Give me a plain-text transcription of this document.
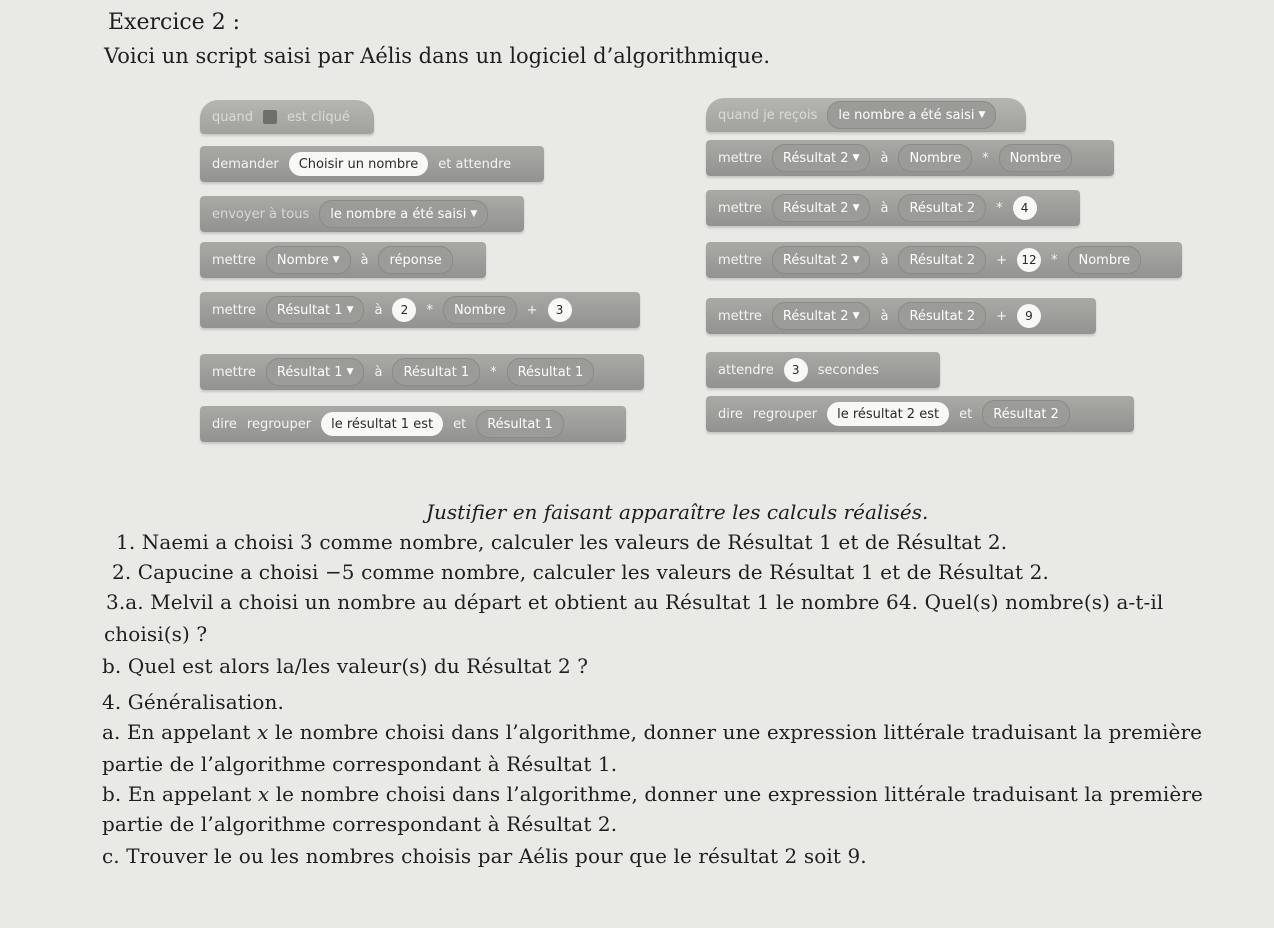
Exercice 2 :
Voici un script saisi par Aélis dans un logiciel d’algorithmique.
quand	est cliqué
demander	Choisir un nombre	et attendre
envoyer à tous le nombre a été saisi ▼
mettre Nombre ▼ à	réponse
mettre Résultat 1 ▼ à	2	*	Nombre	+	3
mettre Résultat 1 ▼ à	Résultat 1	*	Résultat 1
dire regrouper	le résultat 1 est	et	Résultat 1
quand je reçois le nombre a été saisi ▼
mettre Résultat 2 ▼ à	Nombre	*	Nombre
mettre Résultat 2 ▼ à	Résultat 2	*	4
mettre Résultat 2 ▼ à	Résultat 2	+	12	*	Nombre
mettre Résultat 2 ▼ à	Résultat 2	+	9
attendre	3	secondes
dire regrouper	le résultat 2 est	et	Résultat 2
Justifier en faisant apparaître les calculs réalisés.
1. Naemi a choisi 3 comme nombre, calculer les valeurs de Résultat 1 et de Résultat 2.
2. Capucine a choisi −5 comme nombre, calculer les valeurs de Résultat 1 et de Résultat 2.
3.a. Melvil a choisi un nombre au départ et obtient au Résultat 1 le nombre 64. Quel(s) nombre(s) a-t-il
choisi(s) ?
b. Quel est alors la/les valeur(s) du Résultat 2 ?
4. Généralisation.
a. En appelant x le nombre choisi dans l’algorithme, donner une expression littérale traduisant la première
partie de l’algorithme correspondant à Résultat 1.
b. En appelant x le nombre choisi dans l’algorithme, donner une expression littérale traduisant la première
partie de l’algorithme correspondant à Résultat 2.
c. Trouver le ou les nombres choisis par Aélis pour que le résultat 2 soit 9.
